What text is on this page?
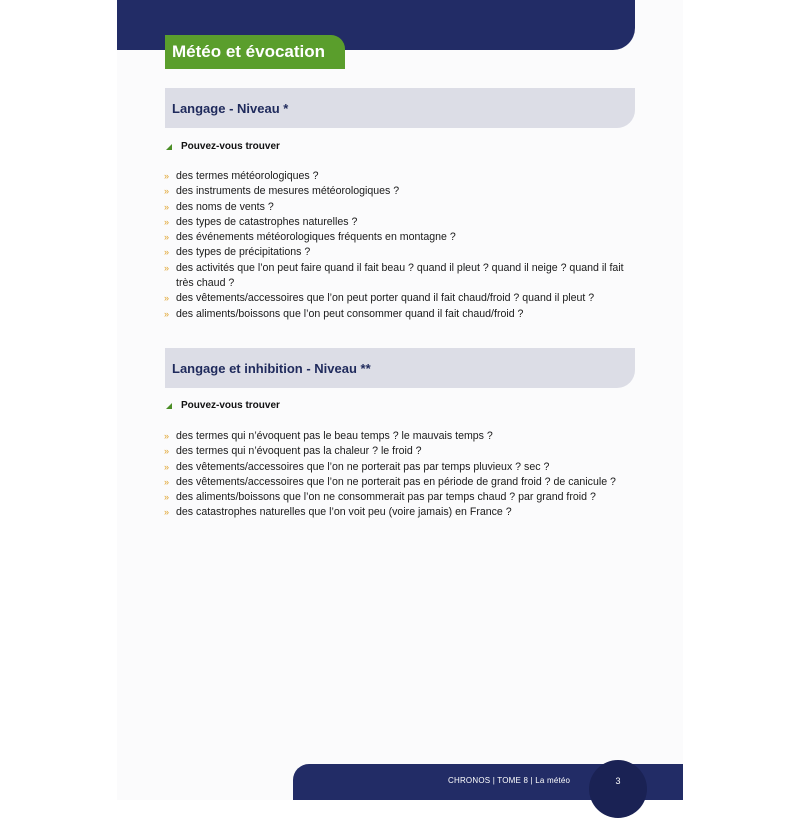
Météo et évocation
Langage - Niveau *
Pouvez-vous trouver
» des termes météorologiques ?
» des instruments de mesures météorologiques ?
» des noms de vents ?
» des types de catastrophes naturelles ?
» des événements météorologiques fréquents en montagne ?
» des types de précipitations ?
» des activités que l’on peut faire quand il fait beau ? quand il pleut ? quand il neige ? quand il fait très chaud ?
» des vêtements/accessoires que l’on peut porter quand il fait chaud/froid ? quand il pleut ?
» des aliments/boissons que l’on peut consommer quand il fait chaud/froid ?
Langage et inhibition - Niveau **
Pouvez-vous trouver
» des termes qui n’évoquent pas le beau temps ? le mauvais temps ?
» des termes qui n’évoquent pas la chaleur ? le froid ?
» des vêtements/accessoires que l’on ne porterait pas par temps pluvieux ? sec ?
» des vêtements/accessoires que l’on ne porterait pas en période de grand froid ? de canicule ?
» des aliments/boissons que l’on ne consommerait pas par temps chaud ? par grand froid ?
» des catastrophes naturelles que l’on voit peu (voire jamais) en France ?
CHRONOS | TOME 8 | La météo	3
